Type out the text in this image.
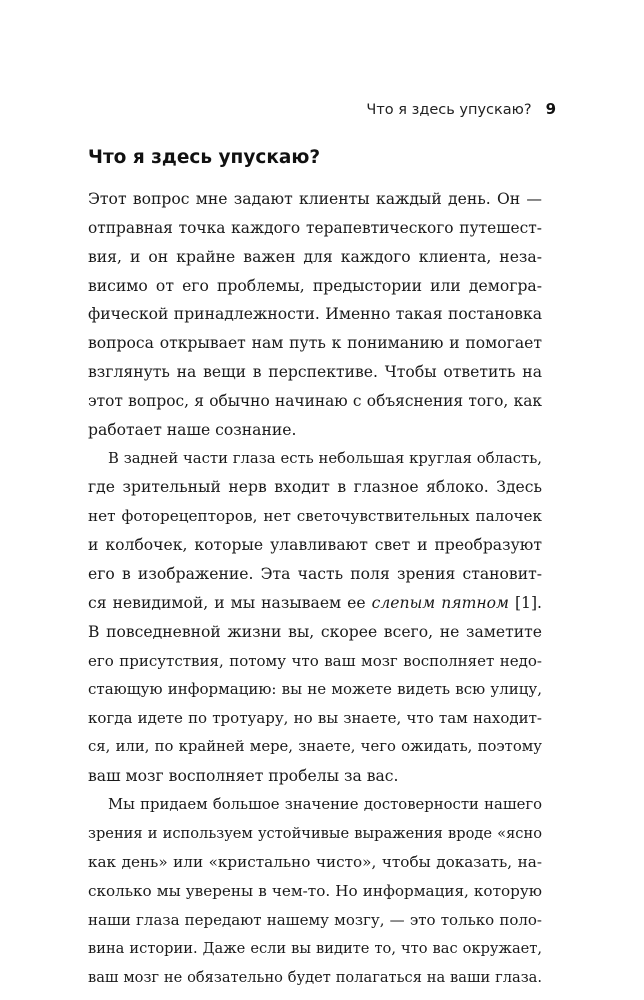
Что я здесь упускаю? 9
Что я здесь упускаю?
Этот вопрос мне задают клиенты каждый день. Он —
отправная точка каждого терапевтического путешест-
вия, и он крайне важен для каждого клиента, неза-
висимо от его проблемы, предыстории или демогра-
фической принадлежности. Именно такая постановка
вопроса открывает нам путь к пониманию и помогает
взглянуть на вещи в перспективе. Чтобы ответить на
этот вопрос, я обычно начинаю с объяснения того, как
работает наше сознание.
В задней части глаза есть небольшая круглая область,
где зрительный нерв входит в глазное яблоко. Здесь
нет фоторецепторов, нет светочувствительных палочек
и колбочек, которые улавливают свет и преобразуют
его в изображение. Эта часть поля зрения становит-
ся невидимой, и мы называем ее слепым пятном [1].
В повседневной жизни вы, скорее всего, не заметите
его присутствия, потому что ваш мозг восполняет недо-
стающую информацию: вы не можете видеть всю улицу,
когда идете по тротуару, но вы знаете, что там находит-
ся, или, по крайней мере, знаете, чего ожидать, поэтому
ваш мозг восполняет пробелы за вас.
Мы придаем большое значение достоверности нашего
зрения и используем устойчивые выражения вроде «ясно
как день» или «кристально чисто», чтобы доказать, на-
сколько мы уверены в чем-то. Но информация, которую
наши глаза передают нашему мозгу, — это только поло-
вина истории. Даже если вы видите то, что вас окружает,
ваш мозг не обязательно будет полагаться на ваши глаза.
